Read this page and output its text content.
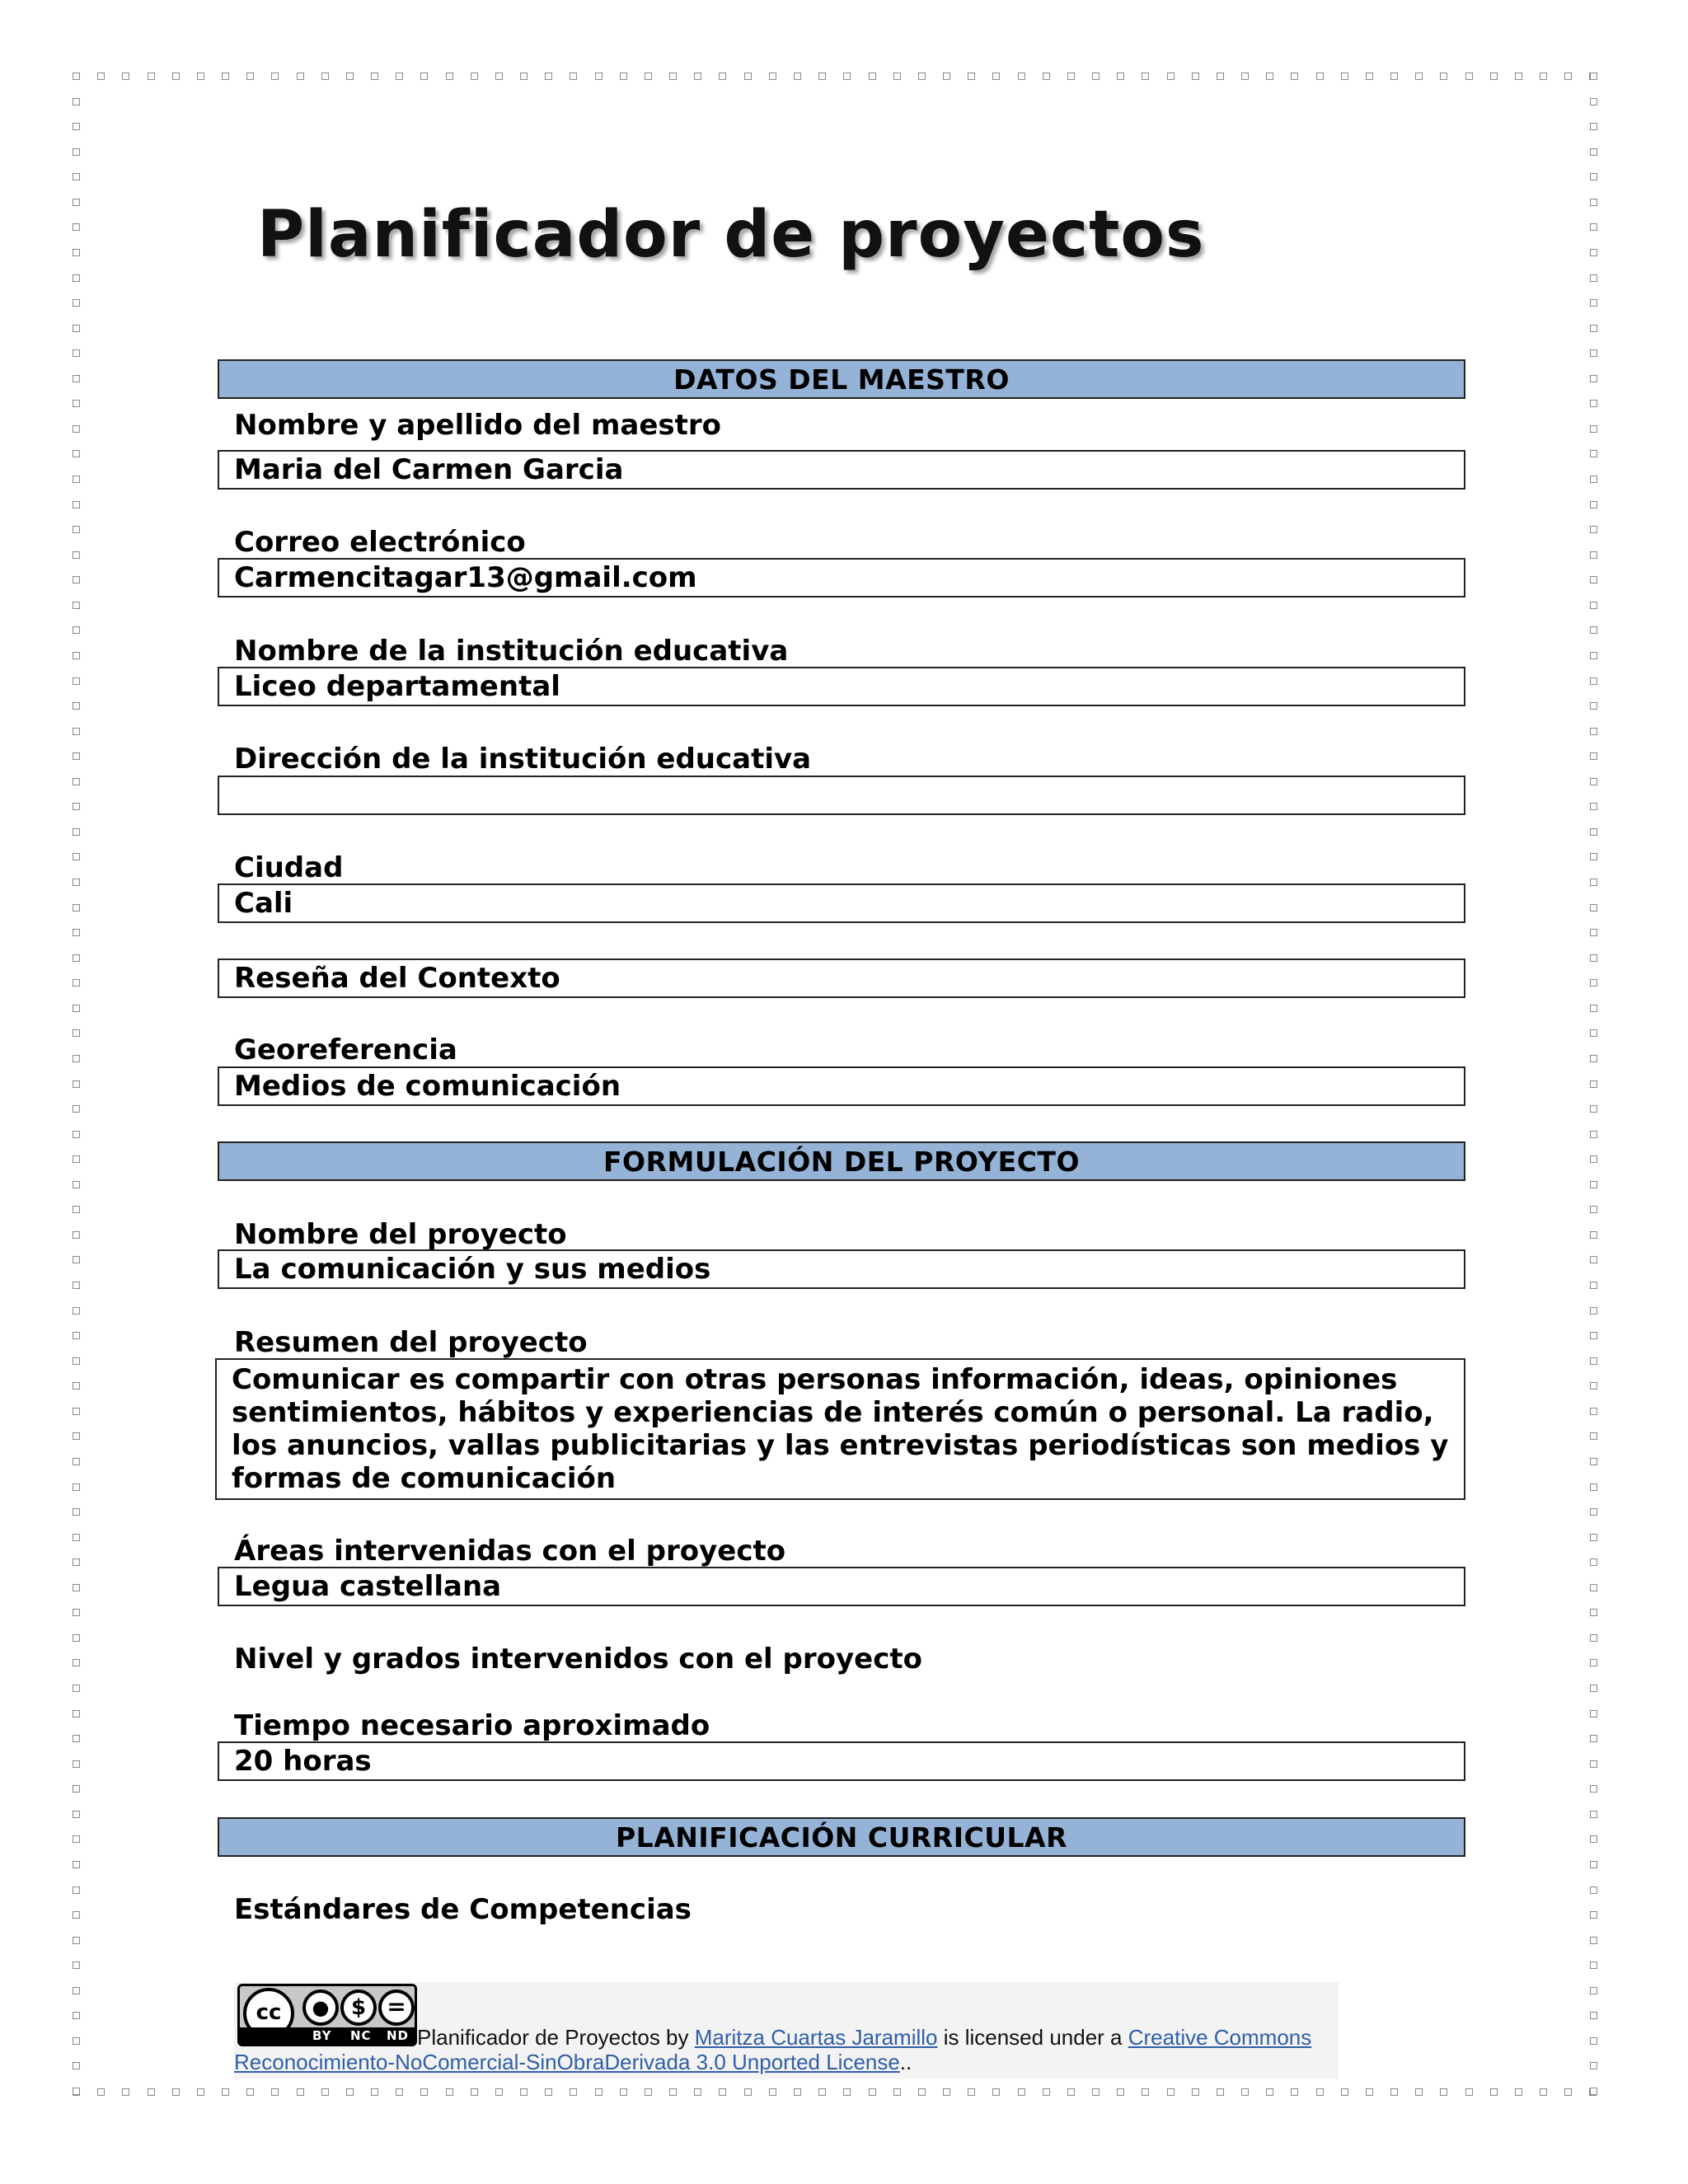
Planificador de proyectos
DATOS DEL MAESTRO
Nombre y apellido del maestro
Maria del Carmen Garcia
Correo electrónico
Carmencitagar13@gmail.com
Nombre de la institución educativa
Liceo departamental
Dirección de la institución educativa
Ciudad
Cali
Reseña del Contexto
Georeferencia
Medios de comunicación
FORMULACIÓN DEL PROYECTO
Nombre del proyecto
La comunicación y sus medios
Resumen del proyecto
Comunicar es compartir con otras personas información, ideas, opiniones sentimientos, hábitos y experiencias de interés común o personal. La radio, los anuncios, vallas publicitarias y las entrevistas periodísticas son medios y formas de comunicación
Áreas intervenidas con el proyecto
Legua castellana
Nivel y grados intervenidos con el proyecto
Tiempo necesario aproximado
20 horas
PLANIFICACIÓN CURRICULAR
Estándares de Competencias
cc	●	$ =
BY NC ND Planificador de Proyectos by Maritza Cuartas Jaramillo is licensed under a Creative Commons
Reconocimiento-NoComercial-SinObraDerivada 3.0 Unported License..
